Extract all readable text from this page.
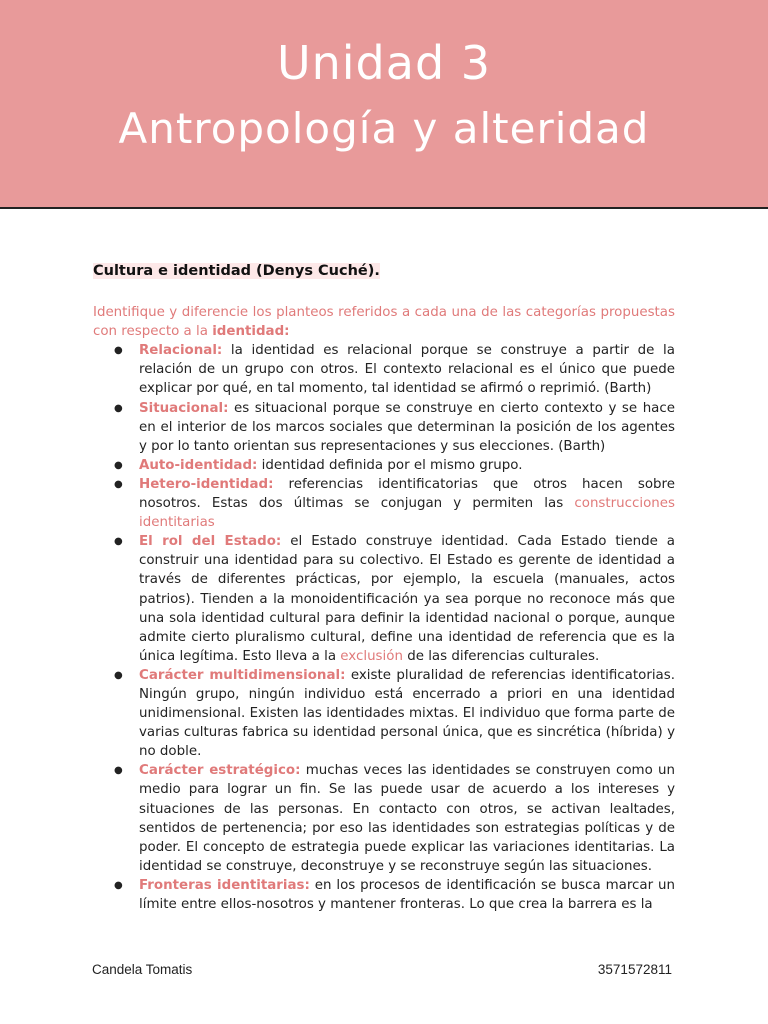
Unidad 3
Antropología y alteridad
Cultura e identidad (Denys Cuché).

Identifique y diferencie los planteos referidos a cada una de las categorías propuestas con respecto a la identidad:

● Relacional: la identidad es relacional porque se construye a partir de la relación de un grupo con otros. El contexto relacional es el único que puede explicar por qué, en tal momento, tal identidad se afirmó o reprimió. (Barth)
● Situacional: es situacional porque se construye en cierto contexto y se hace en el interior de los marcos sociales que determinan la posición de los agentes y por lo tanto orientan sus representaciones y sus elecciones. (Barth)
● Auto-identidad: identidad definida por el mismo grupo.
● Hetero-identidad: referencias identificatorias que otros hacen sobre nosotros. Estas dos últimas se conjugan y permiten las construcciones identitarias
● El rol del Estado: el Estado construye identidad. Cada Estado tiende a construir una identidad para su colectivo. El Estado es gerente de identidad a través de diferentes prácticas, por ejemplo, la escuela (manuales, actos patrios). Tienden a la monoidentificación ya sea porque no reconoce más que una sola identidad cultural para definir la identidad nacional o porque, aunque admite cierto pluralismo cultural, define una identidad de referencia que es la única legítima. Esto lleva a la exclusión de las diferencias culturales.
● Carácter multidimensional: existe pluralidad de referencias identificatorias. Ningún grupo, ningún individuo está encerrado a priori en una identidad unidimensional. Existen las identidades mixtas. El individuo que forma parte de varias culturas fabrica su identidad personal única, que es sincrética (híbrida) y no doble.
● Carácter estratégico: muchas veces las identidades se construyen como un medio para lograr un fin. Se las puede usar de acuerdo a los intereses y situaciones de las personas. En contacto con otros, se activan lealtades, sentidos de pertenencia; por eso las identidades son estrategias políticas y de poder. El concepto de estrategia puede explicar las variaciones identitarias. La identidad se construye, deconstruye y se reconstruye según las situaciones.
● Fronteras identitarias: en los procesos de identificación se busca marcar un límite entre ellos-nosotros y mantener fronteras. Lo que crea la barrera es la
Candela Tomatis	3571572811
